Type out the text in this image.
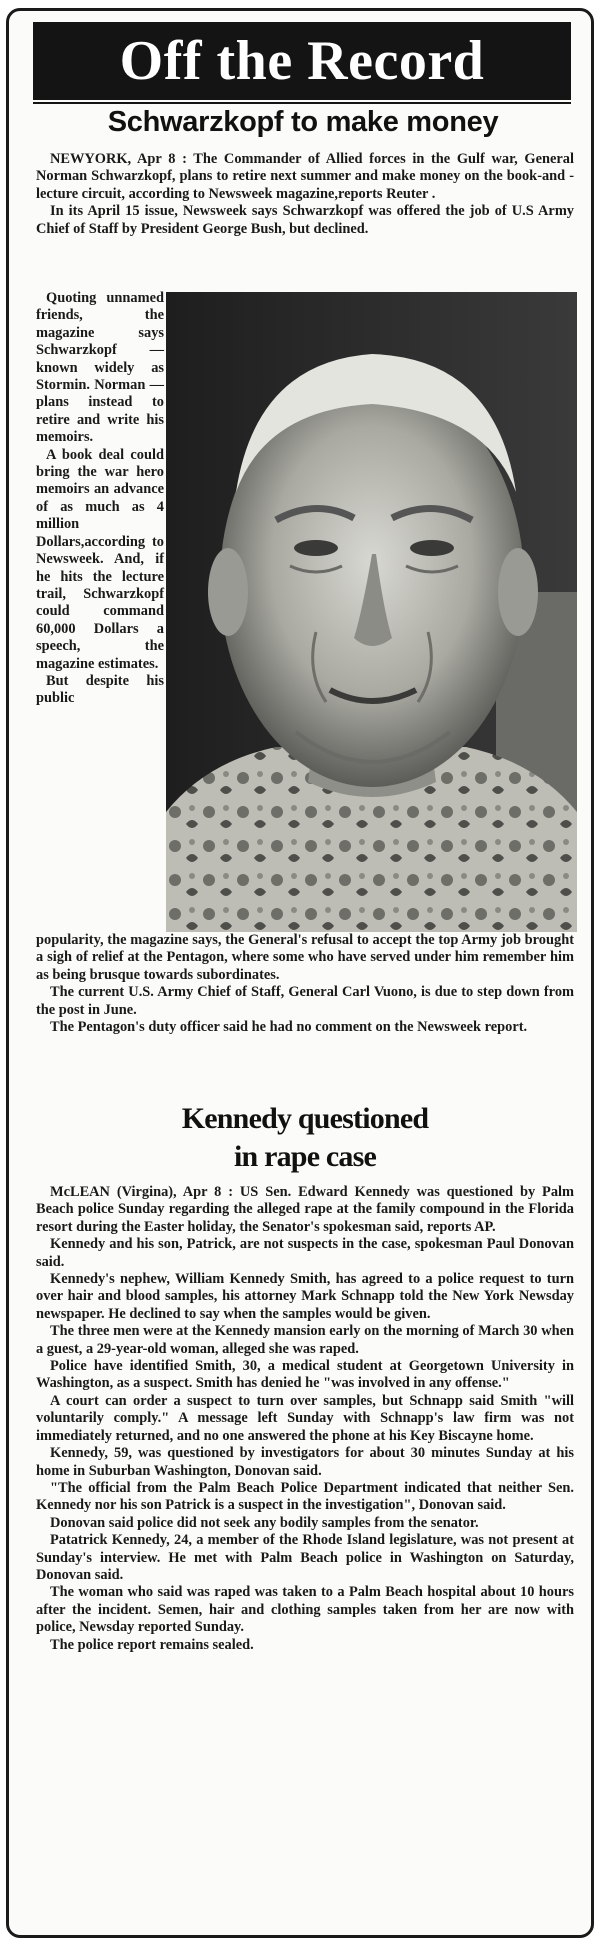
Off the Record
Schwarzkopf to make money

NEWYORK, Apr 8 : The Commander of Allied forces in the Gulf war, General Norman Schwarzkopf, plans to retire next summer and make money on the book-and -lecture circuit, according to Newsweek magazine,reports Reuter .

In its April 15 issue, Newsweek says Schwarzkopf was offered the job of U.S Army Chief of Staff by President George Bush, but declined.

Quoting unnamed friends, the magazine says Schwarzkopf —known widely as Stormin. Norman —plans instead to retire and write his memoirs.

A book deal could bring the war hero memoirs an advance of as much as 4 million Dollars,according to Newsweek. And, if he hits the lecture trail, Schwarzkopf could command 60,000 Dollars a speech, the magazine estimates.

But despite his public

popularity, the magazine says, the General's refusal to accept the top Army job brought a sigh of relief at the Pentagon, where some who have served under him remember him as being brusque towards subordinates.

The current U.S. Army Chief of Staff, General Carl Vuono, is due to step down from the post in June.

The Pentagon's duty officer said he had no comment on the Newsweek report.

Kennedy questioned
in rape case

McLEAN (Virgina), Apr 8 : US Sen. Edward Kennedy was questioned by Palm Beach police Sunday regarding the alleged rape at the family compound in the Florida resort during the Easter holiday, the Senator's spokesman said, reports AP.

Kennedy and his son, Patrick, are not suspects in the case, spokesman Paul Donovan said.

Kennedy's nephew, William Kennedy Smith, has agreed to a police request to turn over hair and blood samples, his attorney Mark Schnapp told the New York Newsday newspaper. He declined to say when the samples would be given.

The three men were at the Kennedy mansion early on the morning of March 30 when a guest, a 29-year-old woman, alleged she was raped.

Police have identified Smith, 30, a medical student at Georgetown University in Washington, as a suspect. Smith has denied he "was involved in any offense."

A court can order a suspect to turn over samples, but Schnapp said Smith "will voluntarily comply." A message left Sunday with Schnapp's law firm was not immediately returned, and no one answered the phone at his Key Biscayne home.

Kennedy, 59, was questioned by investigators for about 30 minutes Sunday at his home in Suburban Washington, Donovan said.

"The official from the Palm Beach Police Department indicated that neither Sen. Kennedy nor his son Patrick is a suspect in the investigation", Donovan said.

Donovan said police did not seek any bodily samples from the senator.

Patatrick Kennedy, 24, a member of the Rhode Island legislature, was not present at Sunday's interview. He met with Palm Beach police in Washington on Saturday, Donovan said.

The woman who said was raped was taken to a Palm Beach hospital about 10 hours after the incident. Semen, hair and clothing samples taken from her are now with police, Newsday reported Sunday.

The police report remains sealed.
